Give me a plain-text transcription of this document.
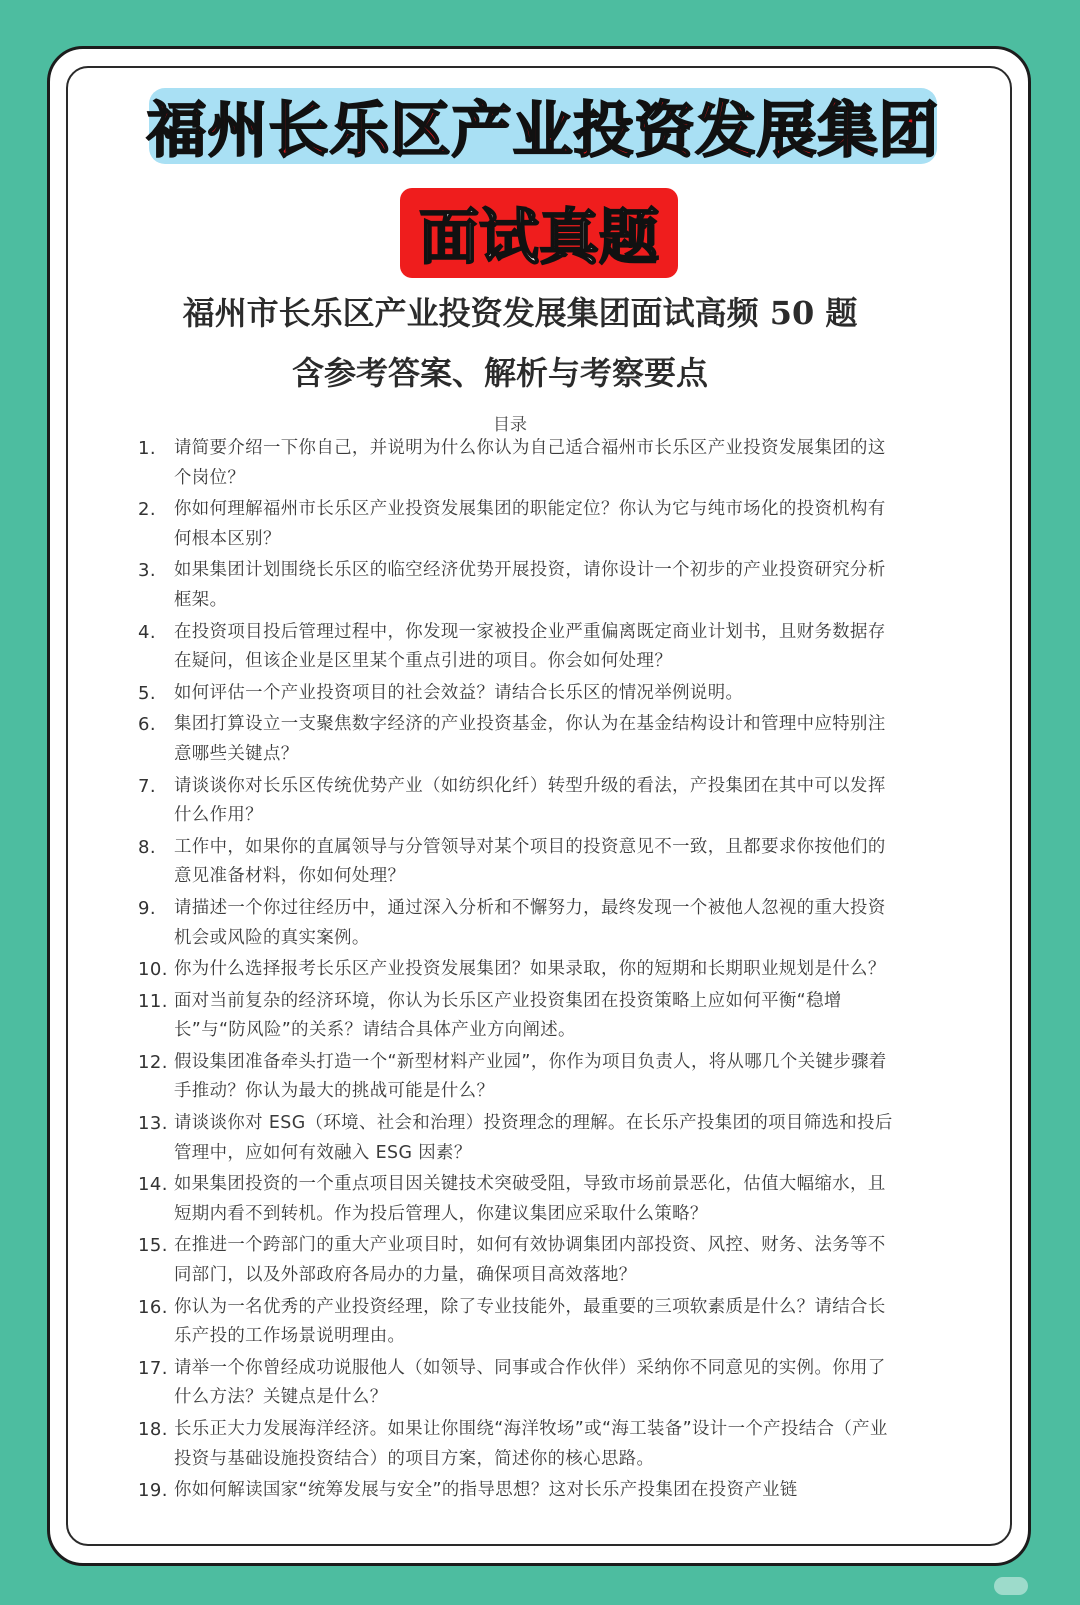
福州长乐区产业投资发展集团
面试真题
福州市长乐区产业投资发展集团面试高频 50 题
含参考答案、解析与考察要点
目录
1.	请简要介绍一下你自己，并说明为什么你认为自己适合福州市长乐区产业投资发展集团的这个岗位？
2.	你如何理解福州市长乐区产业投资发展集团的职能定位？你认为它与纯市场化的投资机构有何根本区别？
3.	如果集团计划围绕长乐区的临空经济优势开展投资，请你设计一个初步的产业投资研究分析框架。
4.	在投资项目投后管理过程中，你发现一家被投企业严重偏离既定商业计划书，且财务数据存在疑问，但该企业是区里某个重点引进的项目。你会如何处理？
5.	如何评估一个产业投资项目的社会效益？请结合长乐区的情况举例说明。
6.	集团打算设立一支聚焦数字经济的产业投资基金，你认为在基金结构设计和管理中应特别注意哪些关键点？
7.	请谈谈你对长乐区传统优势产业（如纺织化纤）转型升级的看法，产投集团在其中可以发挥什么作用？
8.	工作中，如果你的直属领导与分管领导对某个项目的投资意见不一致，且都要求你按他们的意见准备材料，你如何处理？
9.	请描述一个你过往经历中，通过深入分析和不懈努力，最终发现一个被他人忽视的重大投资机会或风险的真实案例。
10. 你为什么选择报考长乐区产业投资发展集团？如果录取，你的短期和长期职业规划是什么？
11. 面对当前复杂的经济环境，你认为长乐区产业投资集团在投资策略上应如何平衡“稳增长”与“防风险”的关系？请结合具体产业方向阐述。
12. 假设集团准备牵头打造一个“新型材料产业园”，你作为项目负责人，将从哪几个关键步骤着手推动？你认为最大的挑战可能是什么？
13. 请谈谈你对 ESG（环境、社会和治理）投资理念的理解。在长乐产投集团的项目筛选和投后管理中，应如何有效融入 ESG 因素？
14. 如果集团投资的一个重点项目因关键技术突破受阻，导致市场前景恶化，估值大幅缩水，且短期内看不到转机。作为投后管理人，你建议集团应采取什么策略？
15. 在推进一个跨部门的重大产业项目时，如何有效协调集团内部投资、风控、财务、法务等不同部门，以及外部政府各局办的力量，确保项目高效落地？
16. 你认为一名优秀的产业投资经理，除了专业技能外，最重要的三项软素质是什么？请结合长乐产投的工作场景说明理由。
17. 请举一个你曾经成功说服他人（如领导、同事或合作伙伴）采纳你不同意见的实例。你用了什么方法？关键点是什么？
18. 长乐正大力发展海洋经济。如果让你围绕“海洋牧场”或“海工装备”设计一个产投结合（产业投资与基础设施投资结合）的项目方案，简述你的核心思路。
19. 你如何解读国家“统筹发展与安全”的指导思想？这对长乐产投集团在投资产业链
